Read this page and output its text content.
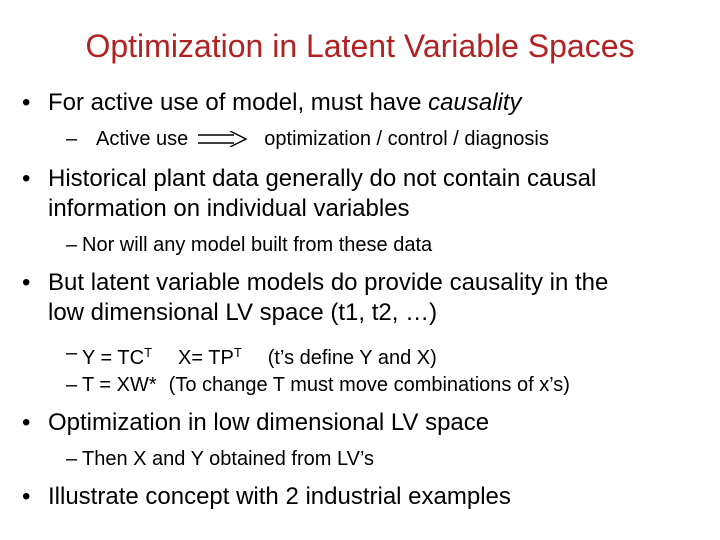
Optimization in Latent Variable Spaces
• For active use of model, must have causality
– Active use	optimization / control / diagnosis
• Historical plant data generally do not contain causal
information on individual variables
– Nor will any model built from these data
• But latent variable models do provide causality in the
low dimensional LV space (t1, t2, …)
– $Y = TC^T$ $X= TP^T$ (t’s define Y and X)
– T = XW* (To change T must move combinations of x’s)
• Optimization in low dimensional LV space
– Then X and Y obtained from LV’s
• Illustrate concept with 2 industrial examples
